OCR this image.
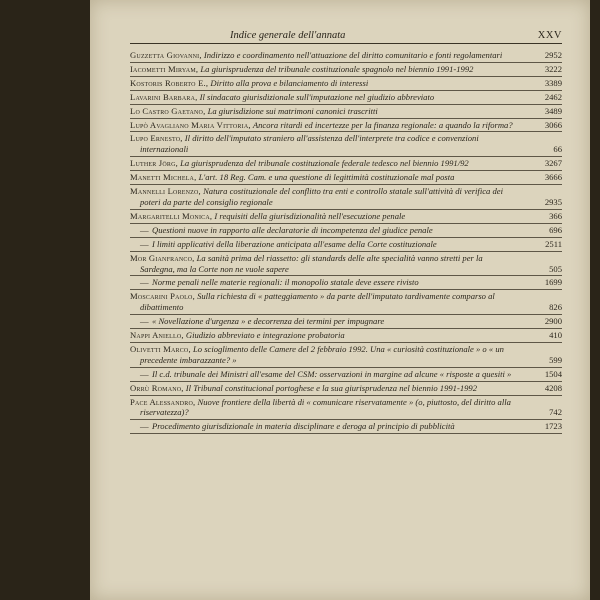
Indice generale dell'annata	XXV
Guzzetta Giovanni, Indirizzo e coordinamento nell'attuazione del diritto comunitario e fonti regolamentari	2952
Iacometti Miryam, La giurisprudenza del tribunale costituzionale spagnolo nel biennio 1991-1992	3222
Kostoris Roberto E., Diritto alla prova e bilanciamento di interessi	3389
Lavarini Barbara, Il sindacato giurisdizionale sull'imputazione nel giudizio abbreviato	2462
Lo Castro Gaetano, La giurisdizione sui matrimoni canonici trascritti	3489
Lupò Avagliano Maria Vittoria, Ancora ritardi ed incertezze per la finanza regionale: a quando la riforma?	3066
Lupo Ernesto, Il diritto dell'imputato straniero all'assistenza dell'interprete tra codice e convenzioni internazionali	66
Luther Jörg, La giurisprudenza del tribunale costituzionale federale tedesco nel biennio 1991/92	3267
Manetti Michela, L'art. 18 Reg. Cam. e una questione di legittimità costituzionale mal posta	3666
Mannelli Lorenzo, Natura costituzionale del conflitto tra enti e controllo statale sull'attività di verifica dei poteri da parte del consiglio regionale	2935
Margaritelli Monica, I requisiti della giurisdizionalità nell'esecuzione penale	366
— Questioni nuove in rapporto alle declaratorie di incompetenza del giudice penale	696
— I limiti applicativi della liberazione anticipata all'esame della Corte costituzionale	2511
Mor Gianfranco, La sanità prima del riassetto: gli standards delle alte specialità vanno stretti per la Sardegna, ma la Corte non ne vuole sapere	505
— Norme penali nelle materie regionali: il monopolio statale deve essere rivisto	1699
Moscarini Paolo, Sulla richiesta di « patteggiamento » da parte dell'imputato tardivamente comparso al dibattimento	826
— « Novellazione d'urgenza » e decorrenza dei termini per impugnare	2900
Nappi Aniello, Giudizio abbreviato e integrazione probatoria	410
Olivetti Marco, Lo scioglimento delle Camere del 2 febbraio 1992. Una « curiosità costituzionale » o « un precedente imbarazzante? »	599
— Il c.d. tribunale dei Ministri all'esame del CSM: osservazioni in margine ad alcune « risposte a quesiti »	1504
Orrù Romano, Il Tribunal constitucional portoghese e la sua giurisprudenza nel biennio 1991-1992	4208
Pace Alessandro, Nuove frontiere della libertà di « comunicare riservatamente » (o, piuttosto, del diritto alla riservatezza)?	742
— Procedimento giurisdizionale in materia disciplinare e deroga al principio di pubblicità	1723
